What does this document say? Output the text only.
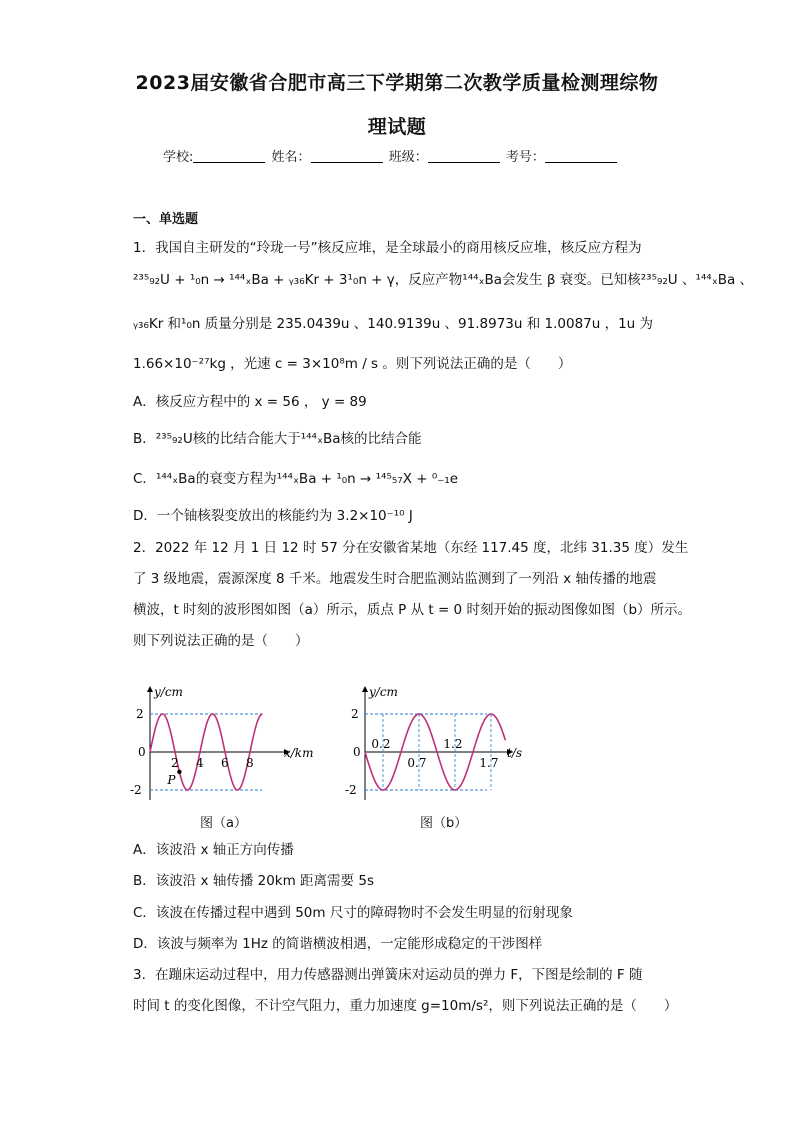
2023届安徽省合肥市高三下学期第二次教学质量检测理综物
理试题
学校:	姓名：	班级：	考号：
一、单选题
1．我国自主研发的“玲珑一号”核反应堆，是全球最小的商用核反应堆，核反应方程为
²³⁵₉₂U + ¹₀n → ¹⁴⁴ₓBa + ᵧ₃₆Kr + 3¹₀n + γ，反应产物¹⁴⁴ₓBa会发生 β 衰变。已知核²³⁵₉₂U 、¹⁴⁴ₓBa 、
ᵧ₃₆Kr 和¹₀n 质量分别是 235.0439u 、140.9139u 、91.8973u 和 1.0087u ，1u 为
1.66×10⁻²⁷kg ，光速 c = 3×10⁸m / s 。则下列说法正确的是（　　）
A．核反应方程中的 x = 56 ， y = 89
B．²³⁵₉₂U核的比结合能大于¹⁴⁴ₓBa核的比结合能
C．¹⁴⁴ₓBa的衰变方程为¹⁴⁴ₓBa + ¹₀n → ¹⁴⁵₅₇X + ⁰₋₁e
D．一个铀核裂变放出的核能约为 3.2×10⁻¹⁰ J
2．2022 年 12 月 1 日 12 时 57 分在安徽省某地（东经 117.45 度，北纬 31.35 度）发生
了 3 级地震，震源深度 8 千米。地震发生时合肥监测站监测到了一列沿 x 轴传播的地震
横波，t 时刻的波形图如图（a）所示，质点 P 从 t = 0 时刻开始的振动图像如图（b）所示。
则下列说法正确的是（　　）
y/cm
x/km
0
2
-2
2 4 6 8
P
y/cm
t/s
0
2
-2
0.2
0.7
1.2
1.7
图（a）	图（b）
A．该波沿 x 轴正方向传播
B．该波沿 x 轴传播 20km 距离需要 5s
C．该波在传播过程中遇到 50m 尺寸的障碍物时不会发生明显的衍射现象
D．该波与频率为 1Hz 的简谐横波相遇，一定能形成稳定的干涉图样
3．在蹦床运动过程中，用力传感器测出弹簧床对运动员的弹力 F，下图是绘制的 F 随
时间 t 的变化图像，不计空气阻力，重力加速度 g=10m/s²，则下列说法正确的是（　　）
